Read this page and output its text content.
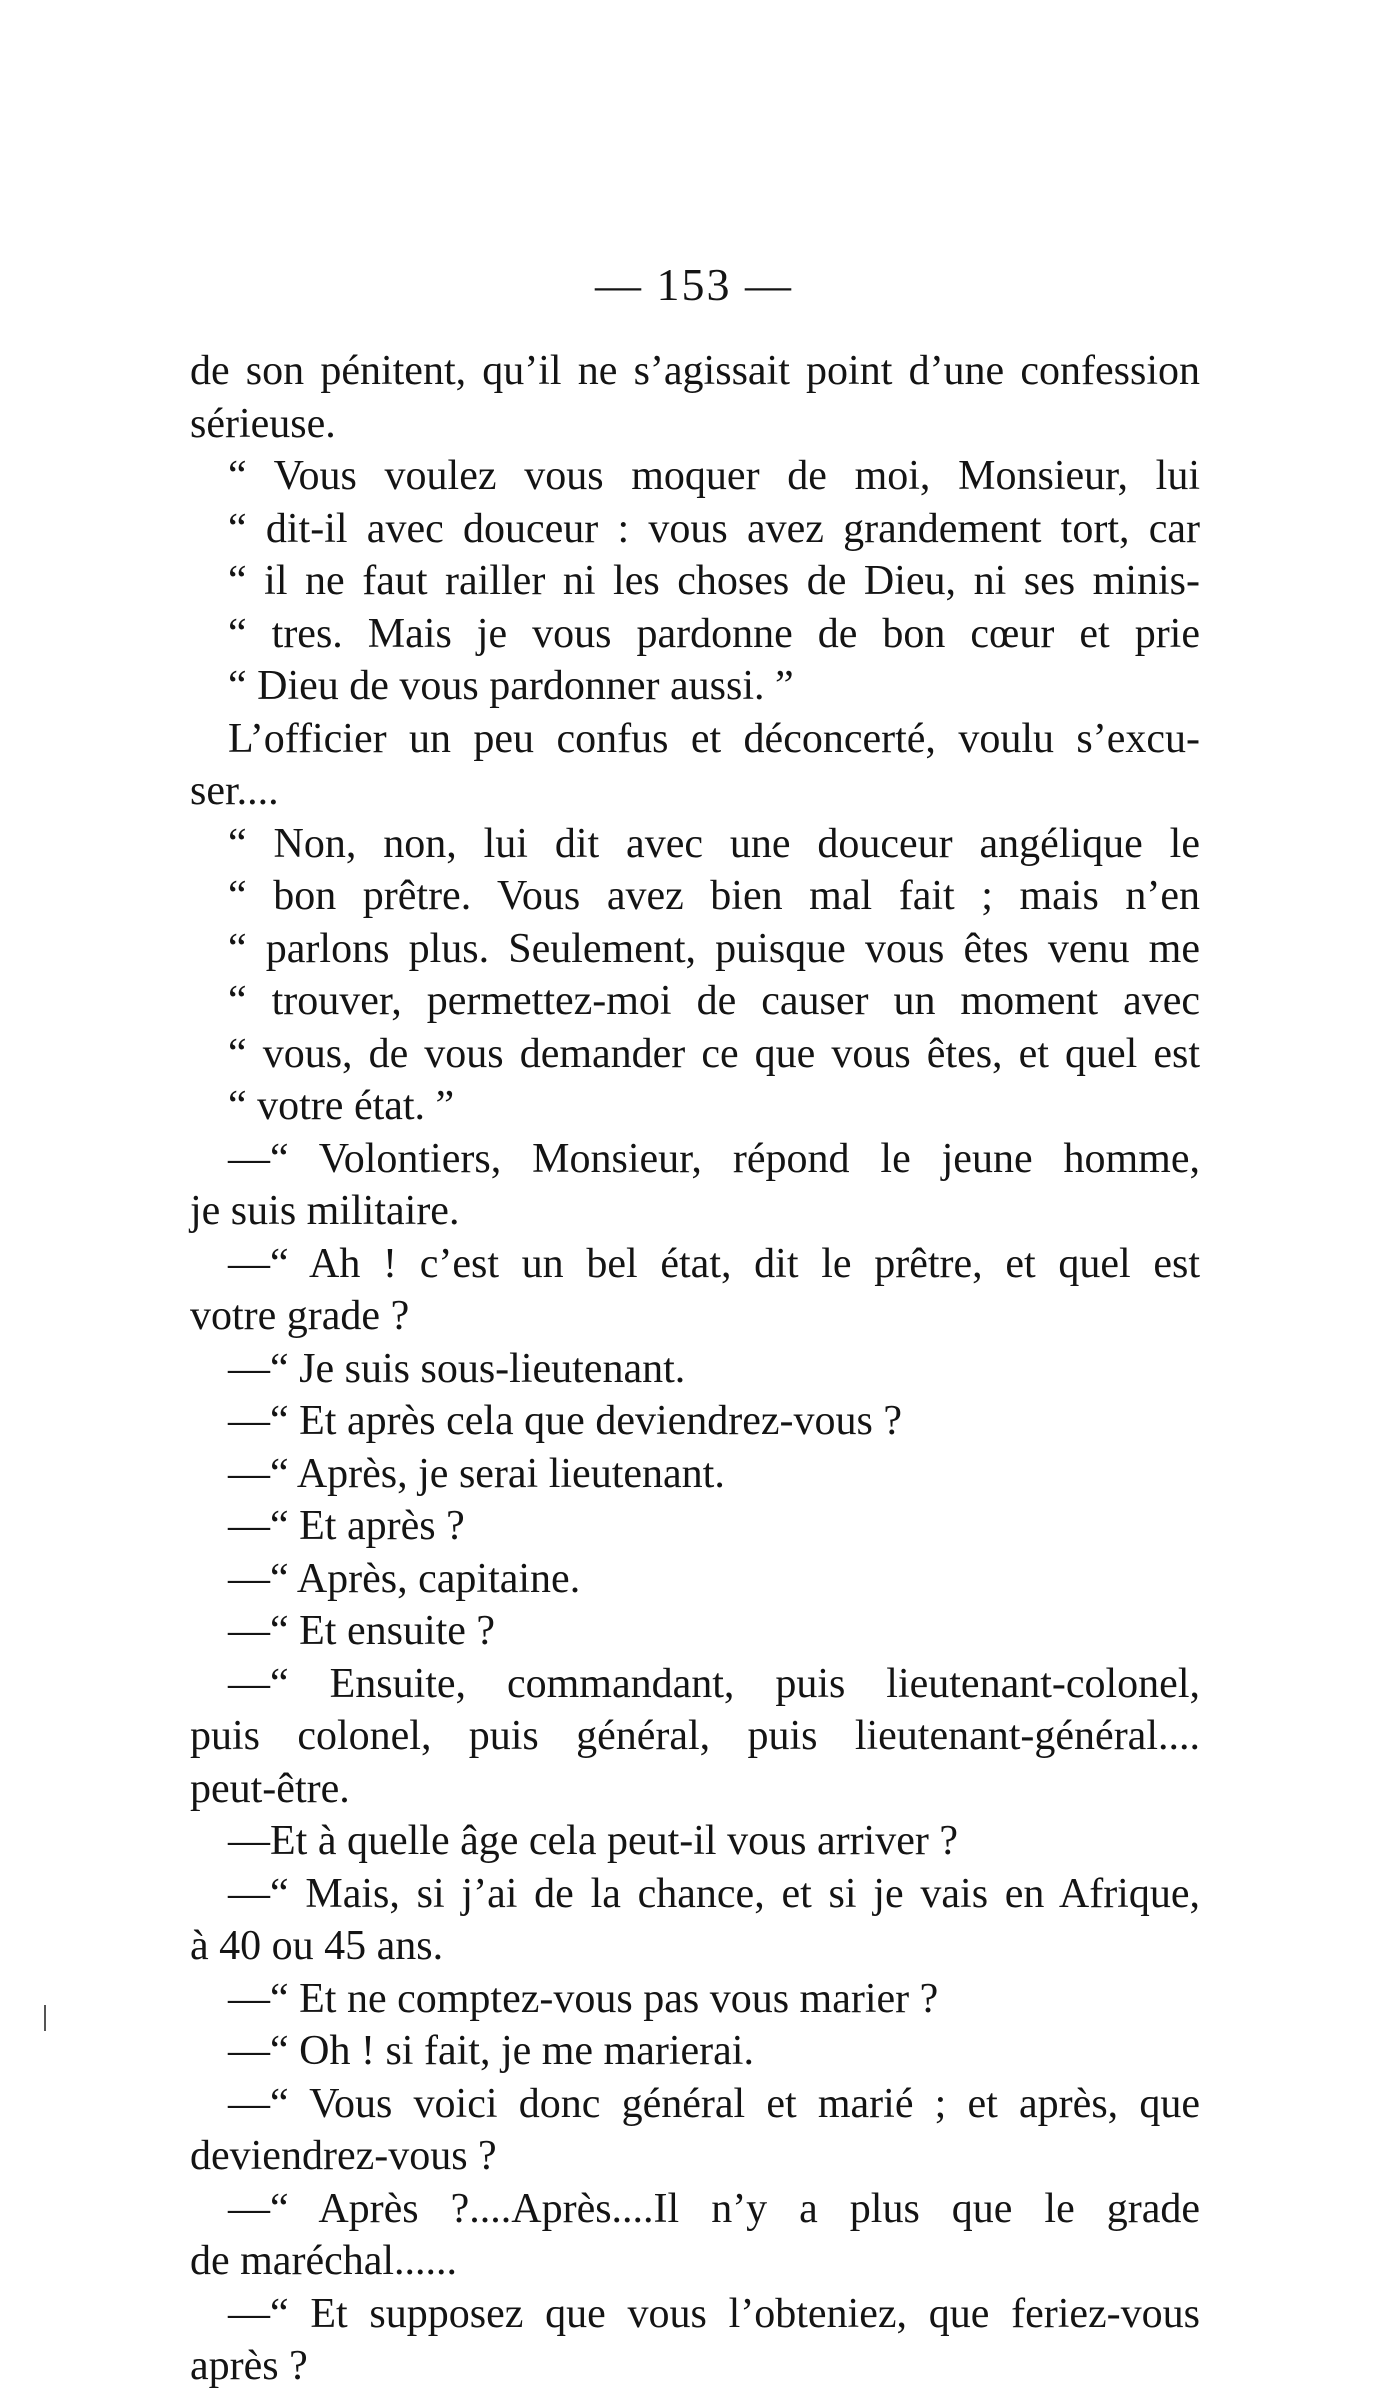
— 153 —
de son pénitent, qu’il ne s’agissait point d’une confession
sérieuse.
“ Vous voulez vous moquer de moi, Monsieur, lui
“ dit-il avec douceur : vous avez grandement tort, car
“ il ne faut railler ni les choses de Dieu, ni ses minis-
“ tres. Mais je vous pardonne de bon cœur et prie
“ Dieu de vous pardonner aussi. ”
L’officier un peu confus et déconcerté, voulu s’excu-
ser....
“ Non, non, lui dit avec une douceur angélique le
“ bon prêtre. Vous avez bien mal fait ; mais n’en
“ parlons plus. Seulement, puisque vous êtes venu me
“ trouver, permettez-moi de causer un moment avec
“ vous, de vous demander ce que vous êtes, et quel est
“ votre état. ”
—“ Volontiers, Monsieur, répond le jeune homme,
je suis militaire.
—“ Ah ! c’est un bel état, dit le prêtre, et quel est
votre grade ?
—“ Je suis sous-lieutenant.
—“ Et après cela que deviendrez-vous ?
—“ Après, je serai lieutenant.
—“ Et après ?
—“ Après, capitaine.
—“ Et ensuite ?
—“ Ensuite, commandant, puis lieutenant-colonel,
puis colonel, puis général, puis lieutenant-général....
peut-être.
—Et à quelle âge cela peut-il vous arriver ?
—“ Mais, si j’ai de la chance, et si je vais en Afrique,
à 40 ou 45 ans.
—“ Et ne comptez-vous pas vous marier ?
—“ Oh ! si fait, je me marierai.
—“ Vous voici donc général et marié ; et après, que
deviendrez-vous ?
—“ Après ?....Après....Il n’y a plus que le grade
de maréchal......
—“ Et supposez que vous l’obteniez, que feriez-vous
après ?
